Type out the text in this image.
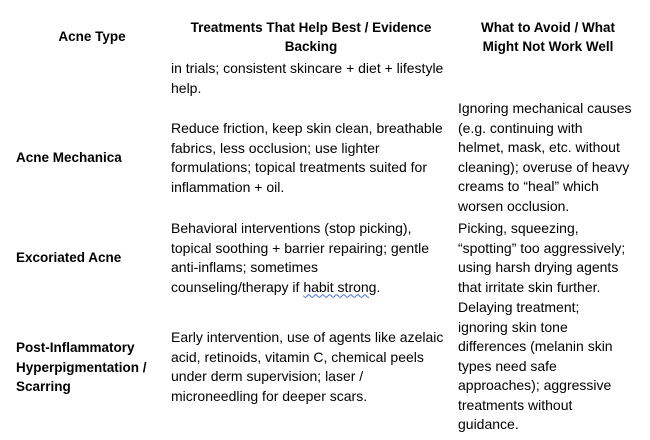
Acne Type
Treatments That Help Best / Evidence
Backing
What to Avoid / What
Might Not Work Well
in trials; consistent skincare + diet + lifestyle
help.
Acne Mechanica
Reduce friction, keep skin clean, breathable
fabrics, less occlusion; use lighter
formulations; topical treatments suited for
inflammation + oil.
Ignoring mechanical causes
(e.g. continuing with
helmet, mask, etc. without
cleaning); overuse of heavy
creams to “heal” which
worsen occlusion.
Excoriated Acne
Behavioral interventions (stop picking),
topical soothing + barrier repairing; gentle
anti-inflams; sometimes
counseling/therapy if habit strong.
Picking, squeezing,
“spotting” too aggressively;
using harsh drying agents
that irritate skin further.
Post-Inflammatory
Hyperpigmentation /
Scarring
Early intervention, use of agents like azelaic
acid, retinoids, vitamin C, chemical peels
under derm supervision; laser /
microneedling for deeper scars.
Delaying treatment;
ignoring skin tone
differences (melanin skin
types need safe
approaches); aggressive
treatments without
guidance.
